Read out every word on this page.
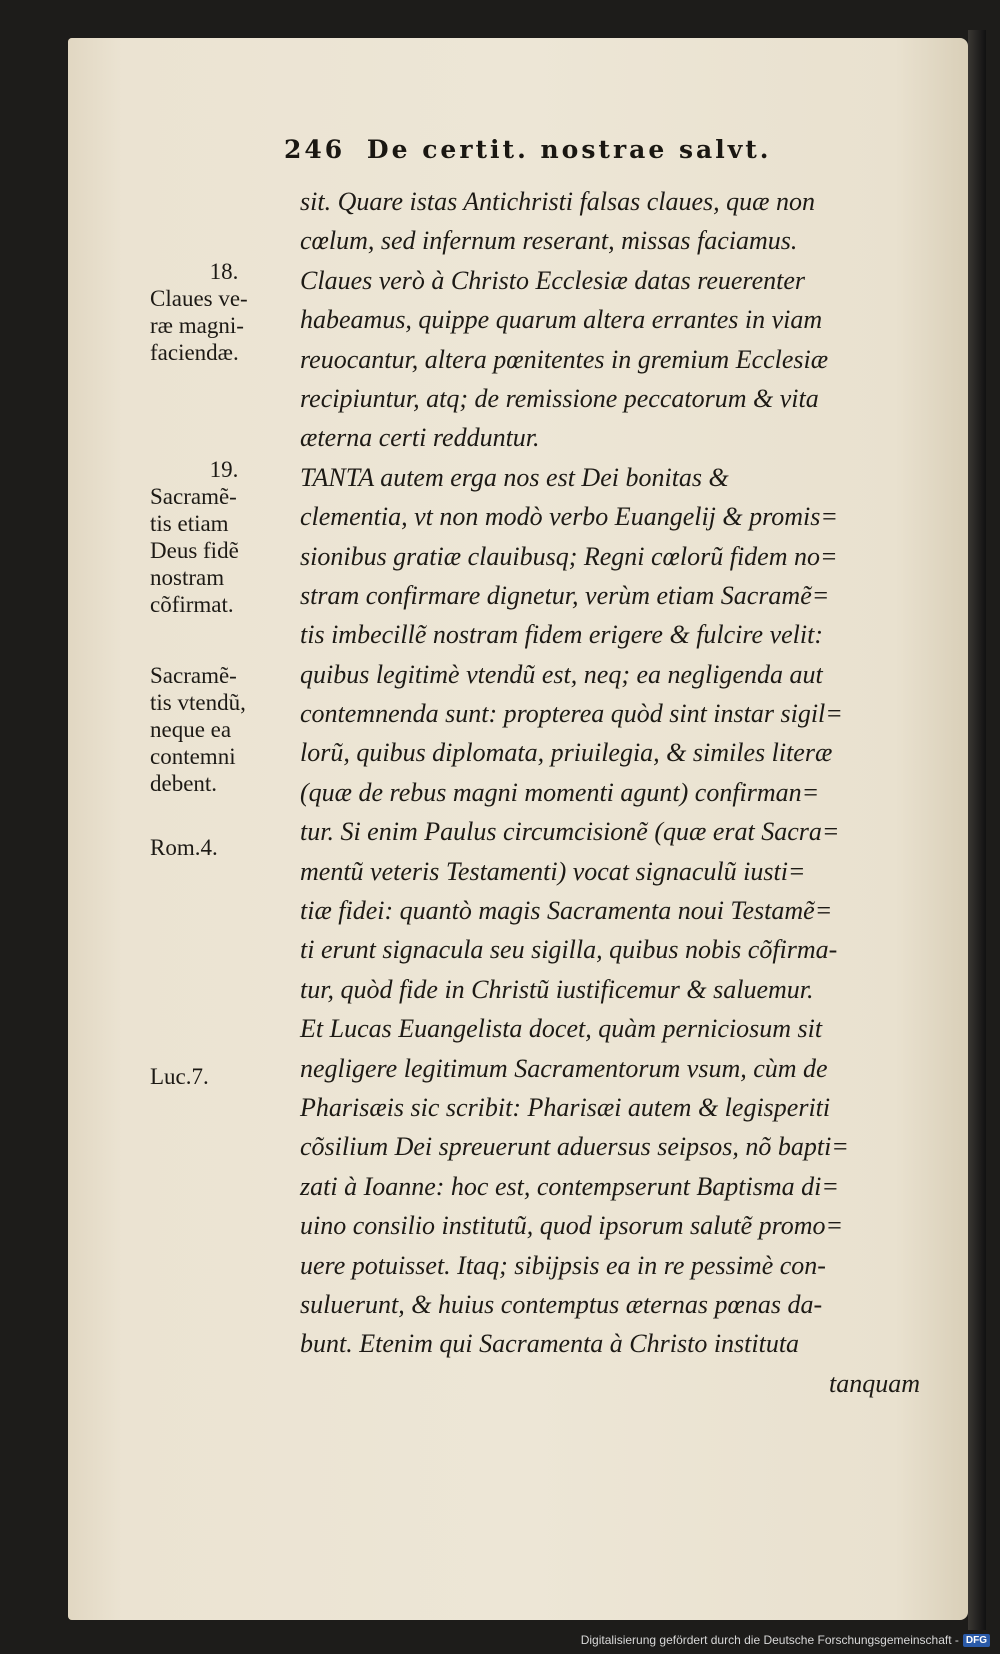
246 De certit. nostrae salvt.
sit. Quare istas Antichristi falsas claues, quæ non
cœlum, sed infernum reserant, missas faciamus.
Claues verò à Christo Ecclesiæ datas reuerenter
habeamus, quippe quarum altera errantes in viam
reuocantur, altera pœnitentes in gremium Ecclesiæ
recipiuntur, atq; de remissione peccatorum & vita
æterna certi redduntur.
TANTA autem erga nos est Dei bonitas &
clementia, vt non modò verbo Euangelij & promis=
sionibus gratiæ clauibusq; Regni cœlorũ fidem no=
stram confirmare dignetur, verùm etiam Sacramẽ=
tis imbecillẽ nostram fidem erigere & fulcire velit:
quibus legitimè vtendũ est, neq; ea negligenda aut
contemnenda sunt: propterea quòd sint instar sigil=
lorũ, quibus diplomata, priuilegia, & similes literæ
(quæ de rebus magni momenti agunt) confirman=
tur. Si enim Paulus circumcisionẽ (quæ erat Sacra=
mentũ veteris Testamenti) vocat signaculũ iusti=
tiæ fidei: quantò magis Sacramenta noui Testamẽ=
ti erunt signacula seu sigilla, quibus nobis cõfirma-
tur, quòd fide in Christũ iustificemur & saluemur.
Et Lucas Euangelista docet, quàm perniciosum sit
negligere legitimum Sacramentorum vsum, cùm de
Pharisæis sic scribit: Pharisæi autem & legisperiti
cõsilium Dei spreuerunt aduersus seipsos, nõ bapti=
zati à Ioanne: hoc est, contempserunt Baptisma di=
uino consilio institutũ, quod ipsorum salutẽ promo=
uere potuisset. Itaq; sibijpsis ea in re pessimè con-
suluerunt, & huius contemptus æternas pœnas da-
bunt. Etenim qui Sacramenta à Christo instituta
tanquam
18.
Claues ve-
ræ magni-
faciendæ.
19.
Sacramẽ-
tis etiam
Deus fidẽ
nostram
cõfirmat.
Sacramẽ-
tis vtendũ,
neque ea
contemni
debent.
Rom.4.
Luc.7.
Digitalisierung gefördert durch die Deutsche Forschungsgemeinschaft - DFG
